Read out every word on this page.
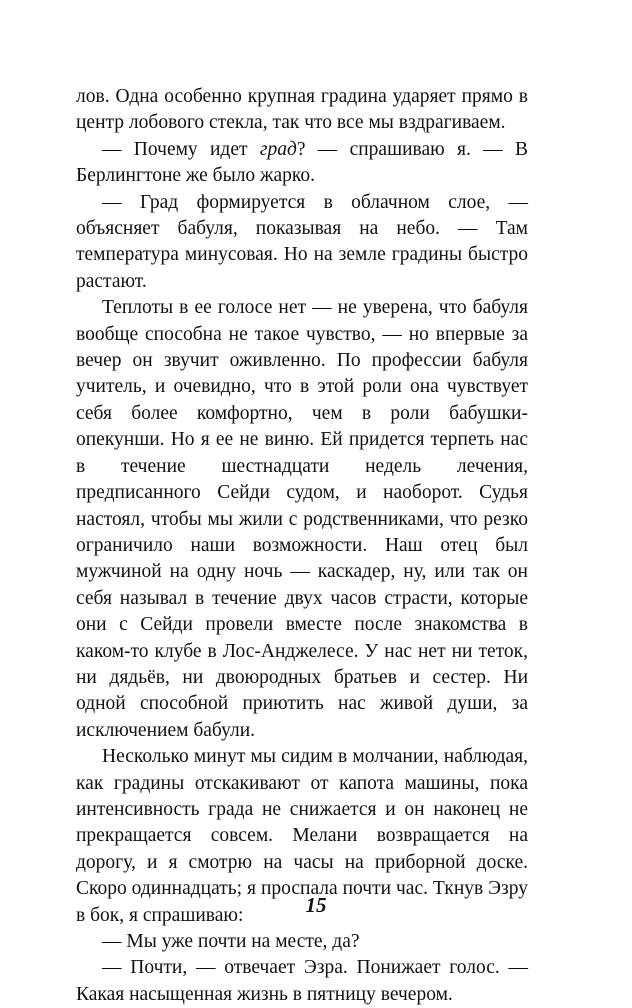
лов. Одна особенно крупная градина ударяет прямо в центр лобового стекла, так что все мы вздрагиваем.

— Почему идет град? — спрашиваю я. — В Берлингтоне же было жарко.

— Град формируется в облачном слое, — объясняет бабуля, показывая на небо. — Там температура минусовая. Но на земле градины быстро растают.

Теплоты в ее голосе нет — не уверена, что бабуля вообще способна не такое чувство, — но впервые за вечер он звучит оживленно. По профессии бабуля учитель, и очевидно, что в этой роли она чувствует себя более комфортно, чем в роли бабушки-опекунши. Но я ее не виню. Ей придется терпеть нас в течение шестнадцати недель лечения, предписанного Сейди судом, и наоборот. Судья настоял, чтобы мы жили с родственниками, что резко ограничило наши возможности. Наш отец был мужчиной на одну ночь — каскадер, ну, или так он себя называл в течение двух часов страсти, которые они с Сейди провели вместе после знакомства в каком-то клубе в Лос-Анджелесе. У нас нет ни теток, ни дядьёв, ни двоюродных братьев и сестер. Ни одной способной приютить нас живой души, за исключением бабули.

Несколько минут мы сидим в молчании, наблюдая, как градины отскакивают от капота машины, пока интенсивность града не снижается и он наконец не прекращается совсем. Мелани возвращается на дорогу, и я смотрю на часы на приборной доске. Скоро одиннадцать; я проспала почти час. Ткнув Эзру в бок, я спрашиваю:

— Мы уже почти на месте, да?

— Почти, — отвечает Эзра. Понижает голос. — Какая насыщенная жизнь в пятницу вечером.

15
